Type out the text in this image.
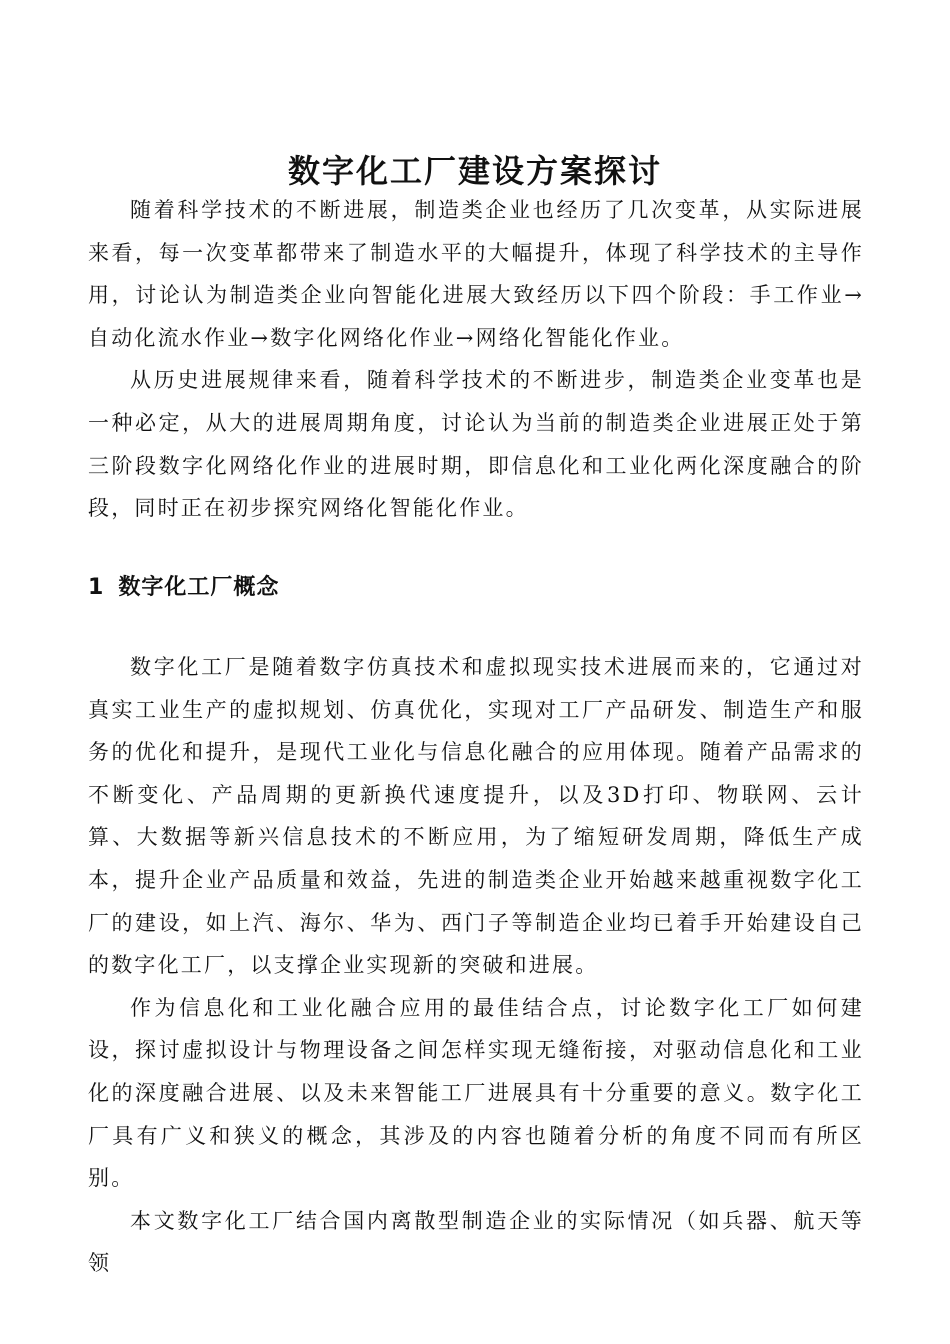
数字化工厂建设方案探讨

随着科学技术的不断进展，制造类企业也经历了几次变革，从实际进展来看，每一次变革都带来了制造水平的大幅提升，体现了科学技术的主导作用，讨论认为制造类企业向智能化进展大致经历以下四个阶段：手工作业→自动化流水作业→数字化网络化作业→网络化智能化作业。

从历史进展规律来看，随着科学技术的不断进步，制造类企业变革也是一种必定，从大的进展周期角度，讨论认为当前的制造类企业进展正处于第三阶段数字化网络化作业的进展时期，即信息化和工业化两化深度融合的阶段，同时正在初步探究网络化智能化作业。

1 数字化工厂概念

数字化工厂是随着数字仿真技术和虚拟现实技术进展而来的，它通过对真实工业生产的虚拟规划、仿真优化，实现对工厂产品研发、制造生产和服务的优化和提升，是现代工业化与信息化融合的应用体现。随着产品需求的不断变化、产品周期的更新换代速度提升，以及3D打印、物联网、云计算、大数据等新兴信息技术的不断应用，为了缩短研发周期，降低生产成本，提升企业产品质量和效益，先进的制造类企业开始越来越重视数字化工厂的建设，如上汽、海尔、华为、西门子等制造企业均已着手开始建设自己的数字化工厂，以支撑企业实现新的突破和进展。

作为信息化和工业化融合应用的最佳结合点，讨论数字化工厂如何建设，探讨虚拟设计与物理设备之间怎样实现无缝衔接，对驱动信息化和工业化的深度融合进展、以及未来智能工厂进展具有十分重要的意义。数字化工厂具有广义和狭义的概念，其涉及的内容也随着分析的角度不同而有所区别。

本文数字化工厂结合国内离散型制造企业的实际情况（如兵器、航天等领
